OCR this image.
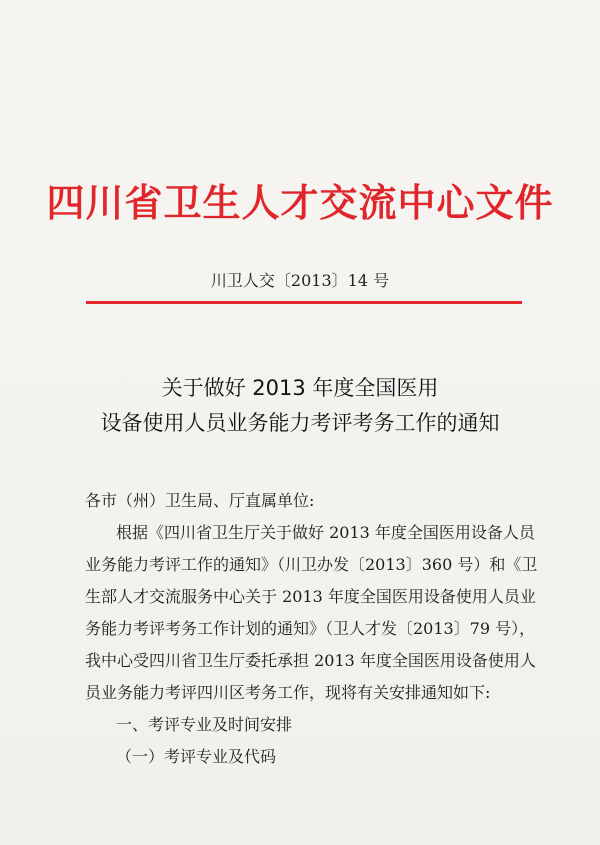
四川省卫生人才交流中心文件
川卫人交〔2013〕14 号
关于做好 2013 年度全国医用
设备使用人员业务能力考评考务工作的通知
各市（州）卫生局、厅直属单位:
根据《四川省卫生厅关于做好 2013 年度全国医用设备人员
业务能力考评工作的通知》（川卫办发〔2013〕360 号）和《卫
生部人才交流服务中心关于 2013 年度全国医用设备使用人员业
务能力考评考务工作计划的通知》（卫人才发〔2013〕79 号），
我中心受四川省卫生厅委托承担 2013 年度全国医用设备使用人
员业务能力考评四川区考务工作，现将有关安排通知如下:
一、考评专业及时间安排
（一）考评专业及代码
